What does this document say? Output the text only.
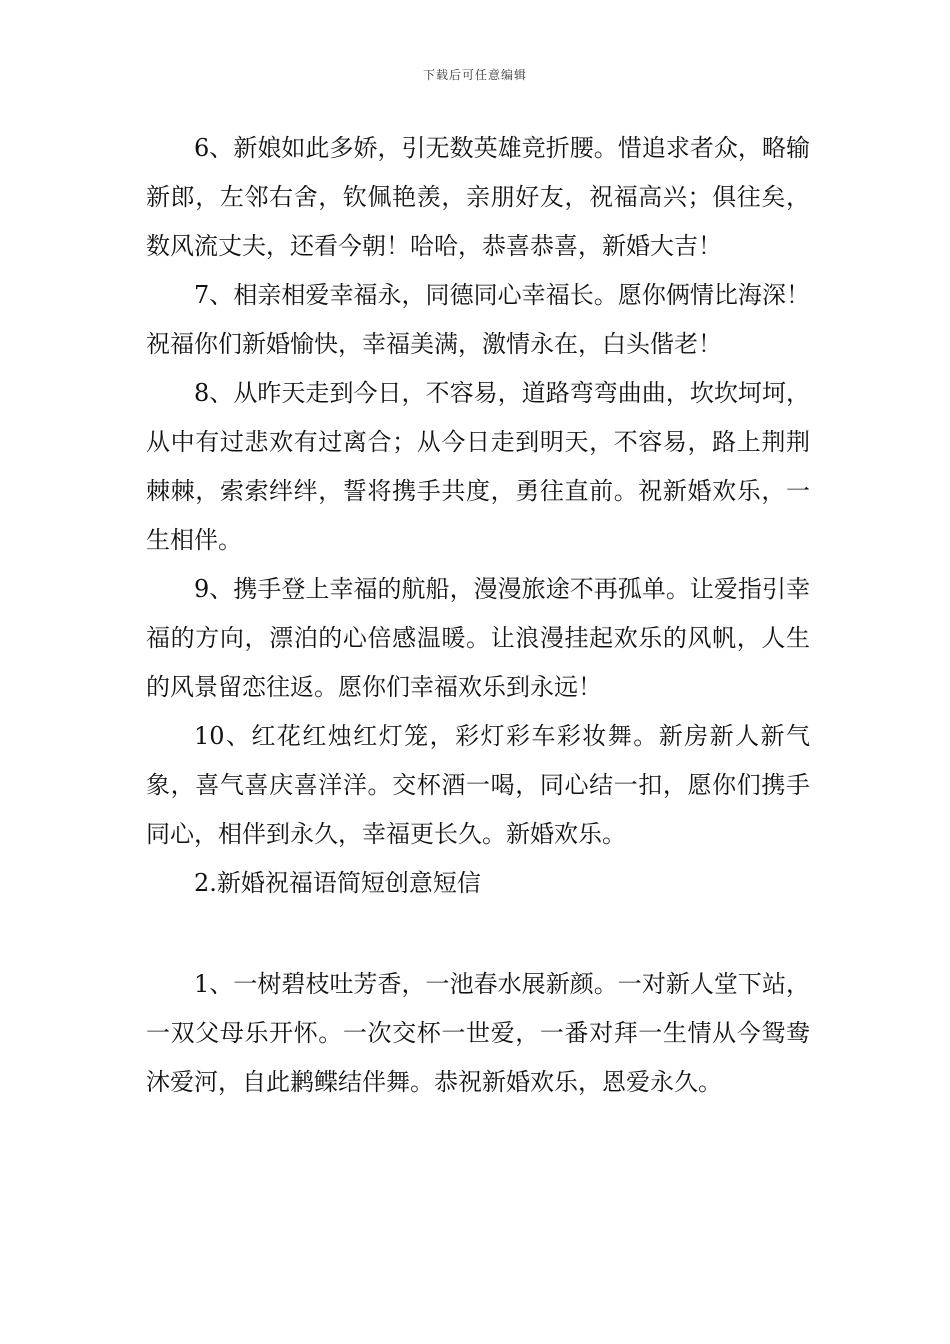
下载后可任意编辑

6、新娘如此多娇，引无数英雄竞折腰。惜追求者众，略输新郎，左邻右舍，钦佩艳羡，亲朋好友，祝福高兴；俱往矣，数风流丈夫，还看今朝！哈哈，恭喜恭喜，新婚大吉！

7、相亲相爱幸福永，同德同心幸福长。愿你俩情比海深！祝福你们新婚愉快，幸福美满，激情永在，白头偕老！

8、从昨天走到今日，不容易，道路弯弯曲曲，坎坎坷坷，从中有过悲欢有过离合；从今日走到明天，不容易，路上荆荆棘棘，索索绊绊，誓将携手共度，勇往直前。祝新婚欢乐，一生相伴。

9、携手登上幸福的航船，漫漫旅途不再孤单。让爱指引幸福的方向，漂泊的心倍感温暖。让浪漫挂起欢乐的风帆，人生的风景留恋往返。愿你们幸福欢乐到永远！

10、红花红烛红灯笼，彩灯彩车彩妆舞。新房新人新气象，喜气喜庆喜洋洋。交杯酒一喝，同心结一扣，愿你们携手同心，相伴到永久，幸福更长久。新婚欢乐。

2.新婚祝福语简短创意短信

1、一树碧枝吐芳香，一池春水展新颜。一对新人堂下站，一双父母乐开怀。一次交杯一世爱，一番对拜一生情从今鸳鸯沐爱河，自此鹣鲽结伴舞。恭祝新婚欢乐，恩爱永久。
